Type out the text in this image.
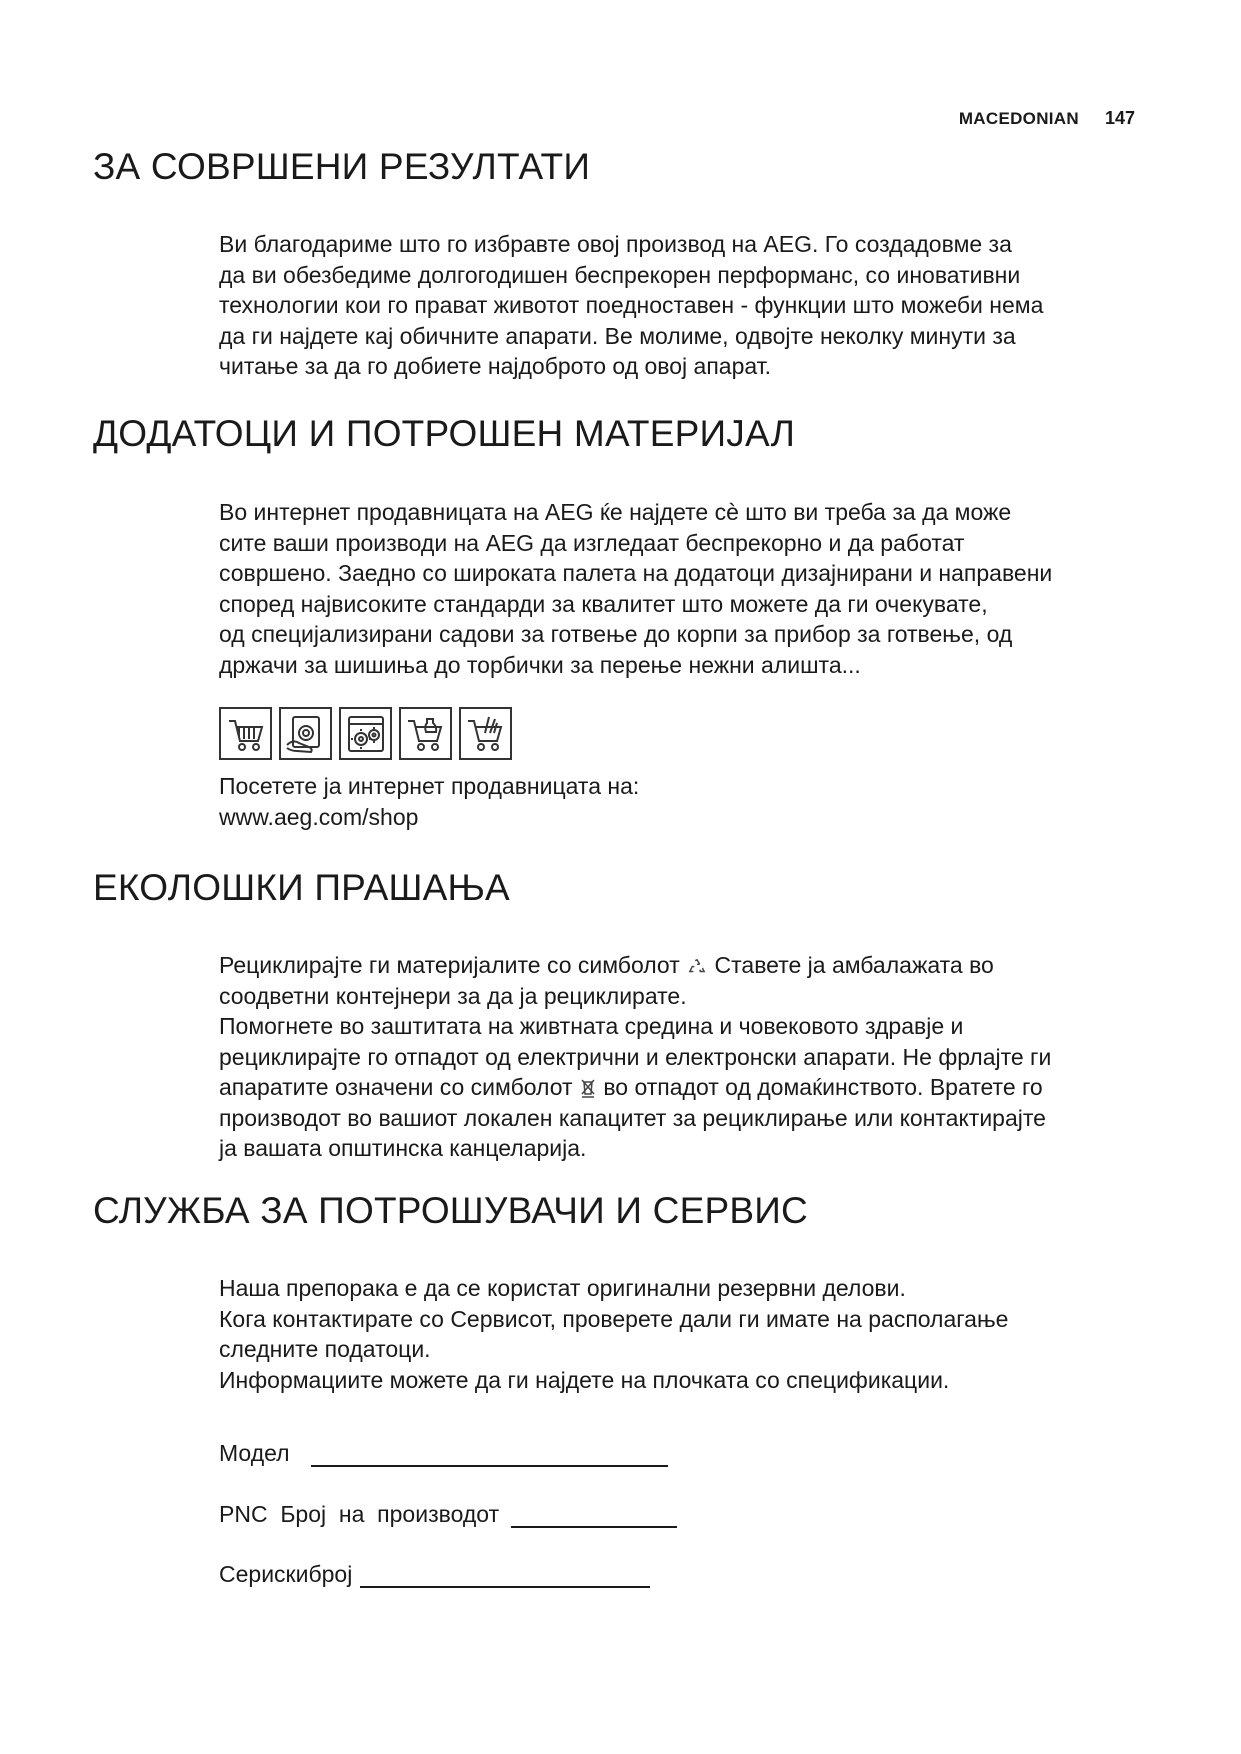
MACEDONIAN 147
ЗА СОВРШЕНИ РЕЗУЛТАТИ
Ви благодариме што го избравте овој производ на AEG. Го создадовме за
да ви обезбедиме долгогодишен беспрекорен перформанс, со иновативни
технологии кои го прават животот поедноставен - функции што можеби нема
да ги најдете кај обичните апарати. Ве молиме, одвојте неколку минути за
читање за да го добиете најдоброто од овој апарат.
ДОДАТОЦИ И ПОТРОШЕН МАТЕРИЈАЛ
Во интернет продавницата на AEG ќе најдете сѐ што ви треба за да може
сите ваши производи на AEG да изгледаат беспрекорно и да работат
совршено. Заедно со широката палета на додатоци дизајнирани и направени
според највисоките стандарди за квалитет што можете да ги очекувате,
од специјализирани садови за готвење до корпи за прибор за готвење, од
држачи за шишиња до торбички за перење нежни алишта...
Посетете ја интернет продавницата на:
www.aeg.com/shop
ЕКОЛОШКИ ПРАШАЊА
Рециклирајте ги материјалите со симболот Ставете ја амбалажата во
соодветни контејнери за да ја рециклирате.
Помогнете во заштитата на живтната средина и човековото здравје и
рециклирајте го отпадот од електрични и електронски апарати. Не фрлајте ги
апаратите означени со симболот во отпадот од домаќинството. Вратете го
производот во вашиот локален капацитет за рециклирање или контактирајте
ја вашата општинска канцеларија.
СЛУЖБА ЗА ПОТРОШУВАЧИ И СЕРВИС
Наша препорака е да се користат оригинални резервни делови.
Кога контактирате со Сервисот, проверете дали ги имате на располагање
следните податоци.
Информациите можете да ги најдете на плочката со спецификации.
Модел
PNC  Број  на  производот
Серискиброј
